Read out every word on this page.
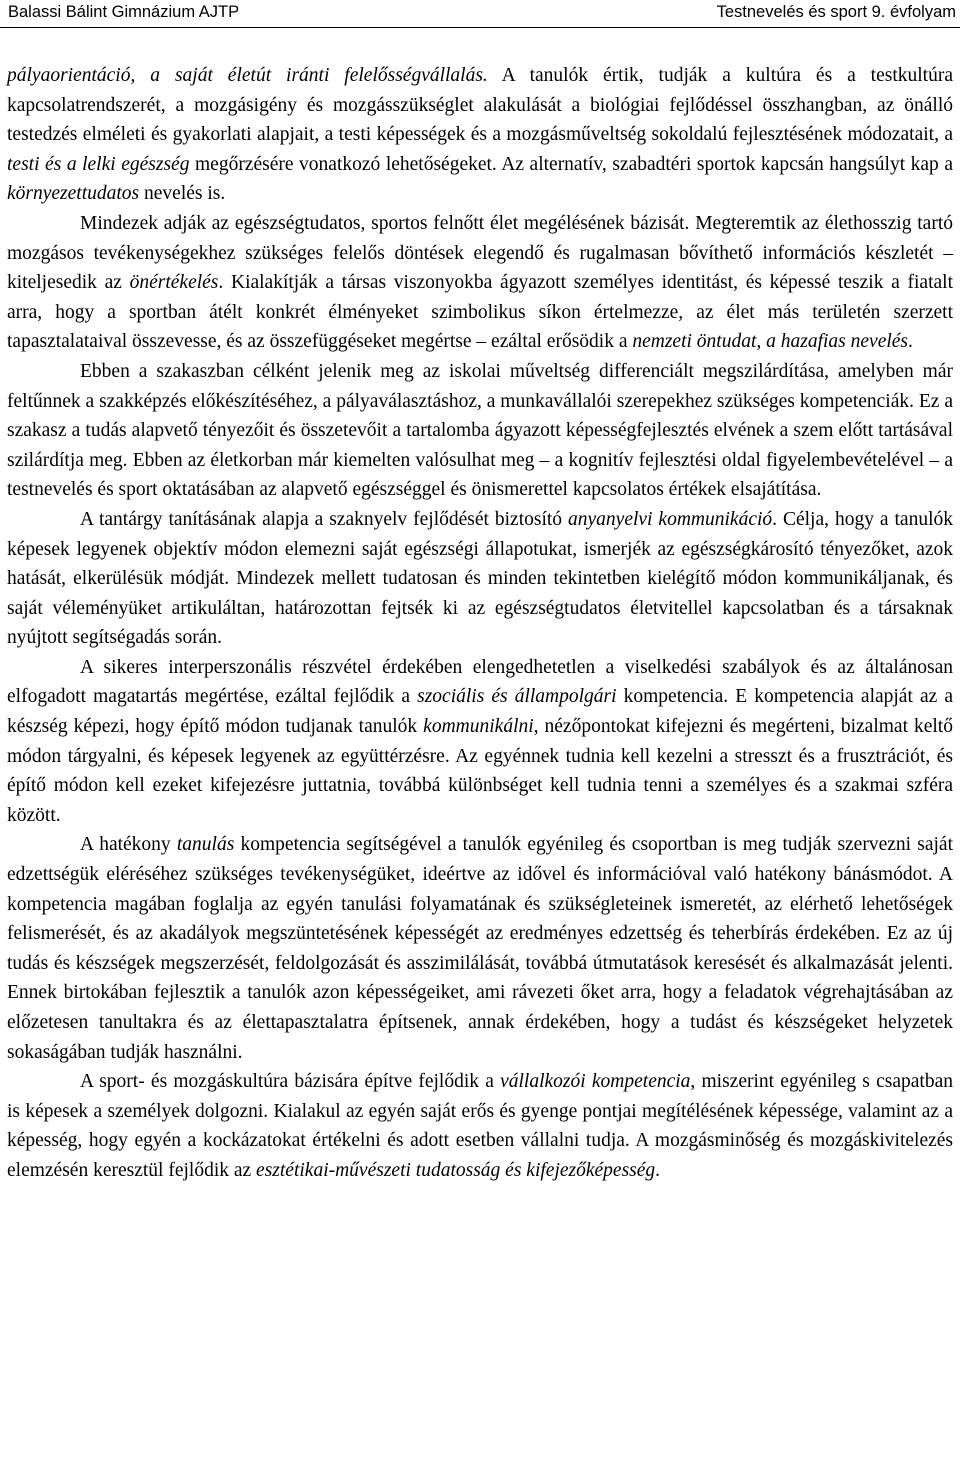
Balassi Bálint Gimnázium AJTP	Testnevelés és sport 9. évfolyam

pályaorientáció, a saját életút iránti felelősségvállalás. A tanulók értik, tudják a kultúra és a testkultúra kapcsolatrendszerét, a mozgásigény és mozgásszükséglet alakulását a biológiai fejlődéssel összhangban, az önálló testedzés elméleti és gyakorlati alapjait, a testi képességek és a mozgásműveltség sokoldalú fejlesztésének módozatait, a testi és a lelki egészség megőrzésére vonatkozó lehetőségeket. Az alternatív, szabadtéri sportok kapcsán hangsúlyt kap a környezettudatos nevelés is.

Mindezek adják az egészségtudatos, sportos felnőtt élet megélésének bázisát. Megteremtik az élethosszig tartó mozgásos tevékenységekhez szükséges felelős döntések elegendő és rugalmasan bővíthető információs készletét – kiteljesedik az önértékelés. Kialakítják a társas viszonyokba ágyazott személyes identitást, és képessé teszik a fiatalt arra, hogy a sportban átélt konkrét élményeket szimbolikus síkon értelmezze, az élet más területén szerzett tapasztalataival összevesse, és az összefüggéseket megértse – ezáltal erősödik a nemzeti öntudat, a hazafias nevelés.

Ebben a szakaszban célként jelenik meg az iskolai műveltség differenciált megszilárdítása, amelyben már feltűnnek a szakképzés előkészítéséhez, a pályaválasztáshoz, a munkavállalói szerepekhez szükséges kompetenciák. Ez a szakasz a tudás alapvető tényezőit és összetevőit a tartalomba ágyazott képességfejlesztés elvének a szem előtt tartásával szilárdítja meg. Ebben az életkorban már kiemelten valósulhat meg – a kognitív fejlesztési oldal figyelembevételével – a testnevelés és sport oktatásában az alapvető egészséggel és önismerettel kapcsolatos értékek elsajátítása.

A tantárgy tanításának alapja a szaknyelv fejlődését biztosító anyanyelvi kommunikáció. Célja, hogy a tanulók képesek legyenek objektív módon elemezni saját egészségi állapotukat, ismerjék az egészségkárosító tényezőket, azok hatását, elkerülésük módját. Mindezek mellett tudatosan és minden tekintetben kielégítő módon kommunikáljanak, és saját véleményüket artikuláltan, határozottan fejtsék ki az egészségtudatos életvitellel kapcsolatban és a társaknak nyújtott segítségadás során.

A sikeres interperszonális részvétel érdekében elengedhetetlen a viselkedési szabályok és az általánosan elfogadott magatartás megértése, ezáltal fejlődik a szociális és állampolgári kompetencia. E kompetencia alapját az a készség képezi, hogy építő módon tudjanak tanulók kommunikálni, nézőpontokat kifejezni és megérteni, bizalmat keltő módon tárgyalni, és képesek legyenek az együttérzésre. Az egyénnek tudnia kell kezelni a stresszt és a frusztrációt, és építő módon kell ezeket kifejezésre juttatnia, továbbá különbséget kell tudnia tenni a személyes és a szakmai szféra között.

A hatékony tanulás kompetencia segítségével a tanulók egyénileg és csoportban is meg tudják szervezni saját edzettségük eléréséhez szükséges tevékenységüket, ideértve az idővel és információval való hatékony bánásmódot. A kompetencia magában foglalja az egyén tanulási folyamatának és szükségleteinek ismeretét, az elérhető lehetőségek felismerését, és az akadályok megszüntetésének képességét az eredményes edzettség és teherbírás érdekében. Ez az új tudás és készségek megszerzését, feldolgozását és asszimilálását, továbbá útmutatások keresését és alkalmazását jelenti. Ennek birtokában fejlesztik a tanulók azon képességeiket, ami rávezeti őket arra, hogy a feladatok végrehajtásában az előzetesen tanultakra és az élettapasztalatra építsenek, annak érdekében, hogy a tudást és készségeket helyzetek sokaságában tudják használni.

A sport- és mozgáskultúra bázisára építve fejlődik a vállalkozói kompetencia, miszerint egyénileg s csapatban is képesek a személyek dolgozni. Kialakul az egyén saját erős és gyenge pontjai megítélésének képessége, valamint az a képesség, hogy egyén a kockázatokat értékelni és adott esetben vállalni tudja. A mozgásminőség és mozgáskivitelezés elemzésén keresztül fejlődik az esztétikai-művészeti tudatosság és kifejezőképesség.
